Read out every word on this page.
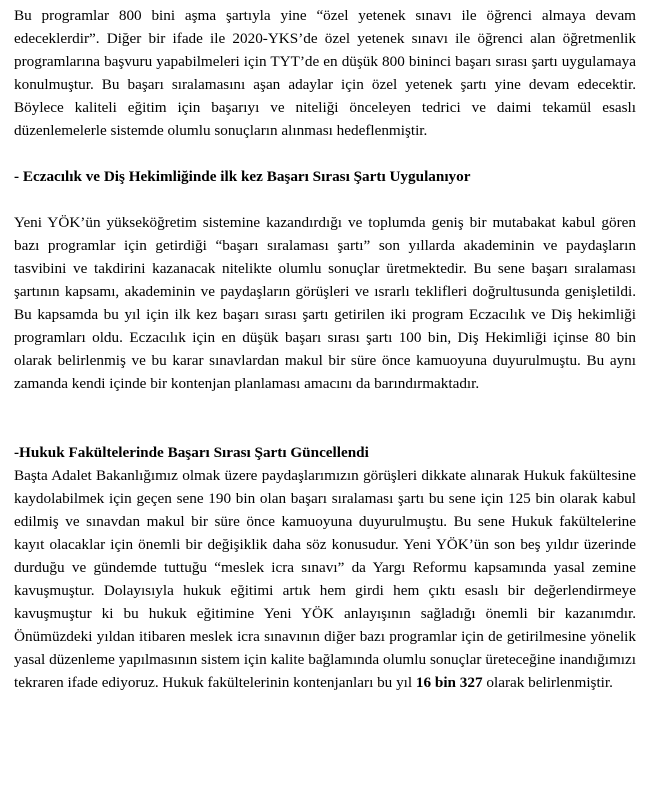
Bu programlar 800 bini aşma şartıyla yine “özel yetenek sınavı ile öğrenci almaya devam edeceklerdir”. Diğer bir ifade ile 2020-YKS’de özel yetenek sınavı ile öğrenci alan öğretmenlik programlarına başvuru yapabilmeleri için TYT’de en düşük 800 bininci başarı sırası şartı uygulamaya konulmuştur. Bu başarı sıralamasını aşan adaylar için özel yetenek şartı yine devam edecektir. Böylece kaliteli eğitim için başarıyı ve niteliği önceleyen tedrici ve daimi tekamül esaslı düzenlemelerle sistemde olumlu sonuçların alınması hedeflenmiştir.

- Eczacılık ve Diş Hekimliğinde ilk kez Başarı Sırası Şartı Uygulanıyor

Yeni YÖK’ün yükseköğretim sistemine kazandırdığı ve toplumda geniş bir mutabakat kabul gören bazı programlar için getirdiği “başarı sıralaması şartı” son yıllarda akademinin ve paydaşların tasvibini ve takdirini kazanacak nitelikte olumlu sonuçlar üretmektedir. Bu sene başarı sıralaması şartının kapsamı, akademinin ve paydaşların görüşleri ve ısrarlı teklifleri doğrultusunda genişletildi. Bu kapsamda bu yıl için ilk kez başarı sırası şartı getirilen iki program Eczacılık ve Diş hekimliği programları oldu. Eczacılık için en düşük başarı sırası şartı 100 bin, Diş Hekimliği içinse 80 bin olarak belirlenmiş ve bu karar sınavlardan makul bir süre önce kamuoyuna duyurulmuştu. Bu aynı zamanda kendi içinde bir kontenjan planlaması amacını da barındırmaktadır.

-Hukuk Fakültelerinde Başarı Sırası Şartı Güncellendi

Başta Adalet Bakanlığımız olmak üzere paydaşlarımızın görüşleri dikkate alınarak Hukuk fakültesine kaydolabilmek için geçen sene 190 bin olan başarı sıralaması şartı bu sene için 125 bin olarak kabul edilmiş ve sınavdan makul bir süre önce kamuoyuna duyurulmuştu. Bu sene Hukuk fakültelerine kayıt olacaklar için önemli bir değişiklik daha söz konusudur. Yeni YÖK’ün son beş yıldır üzerinde durduğu ve gündemde tuttuğu “meslek icra sınavı” da Yargı Reformu kapsamında yasal zemine kavuşmuştur. Dolayısıyla hukuk eğitimi artık hem girdi hem çıktı esaslı bir değerlendirmeye kavuşmuştur ki bu hukuk eğitimine Yeni YÖK anlayışının sağladığı önemli bir kazanımdır. Önümüzdeki yıldan itibaren meslek icra sınavının diğer bazı programlar için de getirilmesine yönelik yasal düzenleme yapılmasının sistem için kalite bağlamında olumlu sonuçlar üreteceğine inandığımızı tekraren ifade ediyoruz. Hukuk fakültelerinin kontenjanları bu yıl 16 bin 327 olarak belirlenmiştir.
